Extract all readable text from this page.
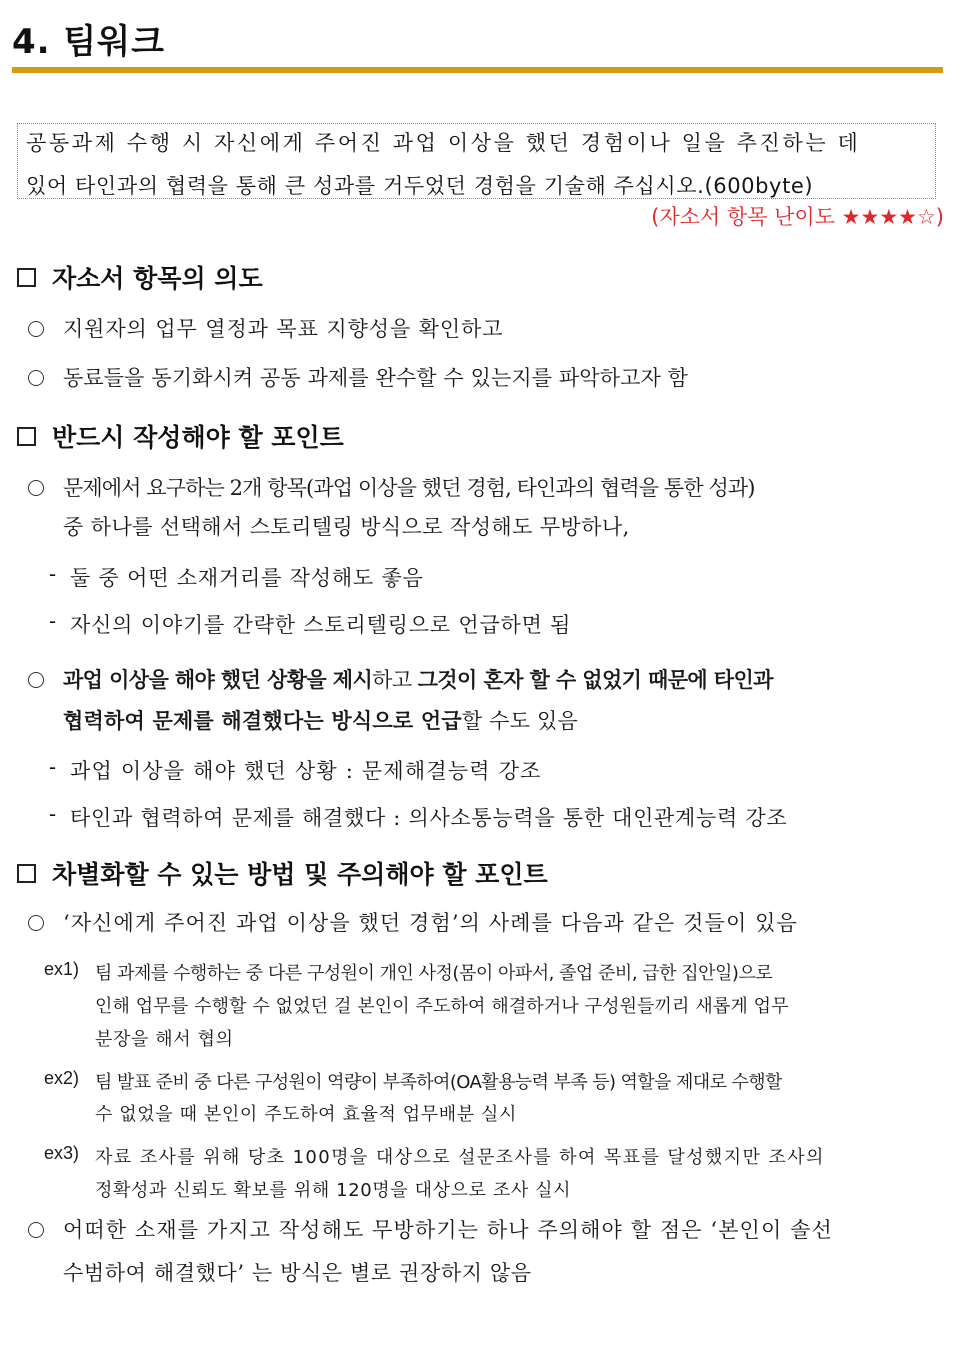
4. 팀워크
공동과제 수행 시 자신에게 주어진 과업 이상을 했던 경험이나 일을 추진하는 데
있어 타인과의 협력을 통해 큰 성과를 거두었던 경험을 기술해 주십시오.(600byte)
(자소서 항목 난이도 ★★★★☆)
자소서 항목의 의도
지원자의 업무 열정과 목표 지향성을 확인하고
동료들을 동기화시켜 공동 과제를 완수할 수 있는지를 파악하고자 함
반드시 작성해야 할 포인트
문제에서 요구하는 2개 항목(과업 이상을 했던 경험, 타인과의 협력을 통한 성과)
중 하나를 선택해서 스토리텔링 방식으로 작성해도 무방하나,
- 둘 중 어떤 소재거리를 작성해도 좋음
- 자신의 이야기를 간략한 스토리텔링으로 언급하면 됨
과업 이상을 해야 했던 상황을 제시하고 그것이 혼자 할 수 없었기 때문에 타인과
협력하여 문제를 해결했다는 방식으로 언급할 수도 있음
- 과업 이상을 해야 했던 상황 : 문제해결능력 강조
- 타인과 협력하여 문제를 해결했다 : 의사소통능력을 통한 대인관계능력 강조
차별화할 수 있는 방법 및 주의해야 할 포인트
‘자신에게 주어진 과업 이상을 했던 경험’의 사례를 다음과 같은 것들이 있음
ex1) 팀 과제를 수행하는 중 다른 구성원이 개인 사정(몸이 아파서, 졸업 준비, 급한 집안일)으로
인해 업무를 수행할 수 없었던 걸 본인이 주도하여 해결하거나 구성원들끼리 새롭게 업무
분장을 해서 협의
ex2) 팀 발표 준비 중 다른 구성원이 역량이 부족하여(OA활용능력 부족 등) 역할을 제대로 수행할
수 없었을 때 본인이 주도하여 효율적 업무배분 실시
ex3) 자료 조사를 위해 당초 100명을 대상으로 설문조사를 하여 목표를 달성했지만 조사의
정확성과 신뢰도 확보를 위해 120명을 대상으로 조사 실시
어떠한 소재를 가지고 작성해도 무방하기는 하나 주의해야 할 점은 ‘본인이 솔선
수범하여 해결했다’ 는 방식은 별로 권장하지 않음
